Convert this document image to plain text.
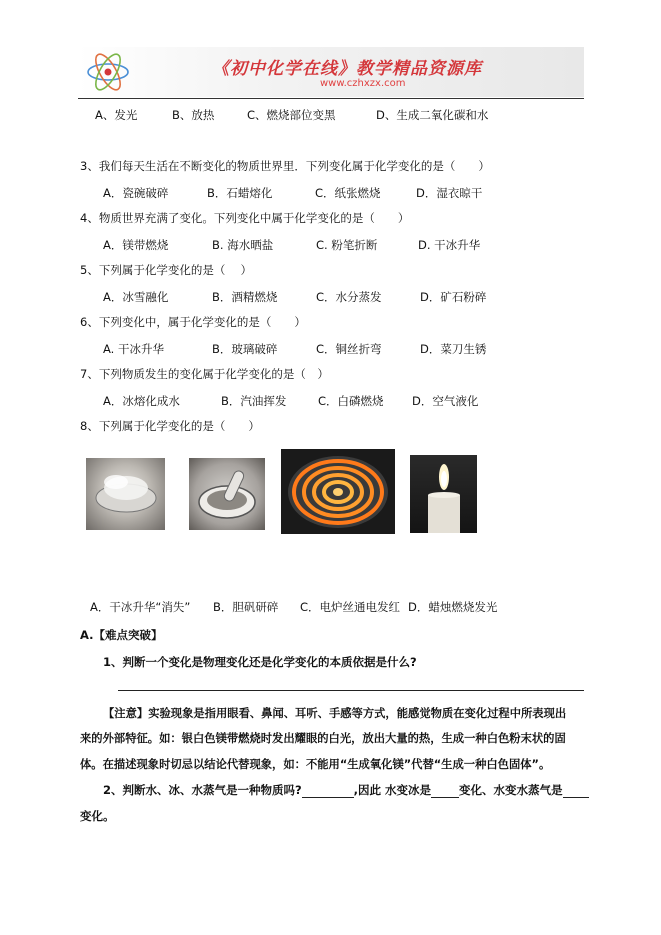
《初中化学在线》教学精品资源库
www.czhxzx.com
A、发光	B、放热	C、燃烧部位变黑	D、生成二氧化碳和水
3、我们每天生活在不断变化的物质世界里．下列变化属于化学变化的是（　　）
A．瓷碗破碎	B．石蜡熔化	C．纸张燃烧	D．湿衣晾干
4、物质世界充满了变化。下列变化中属于化学变化的是（　　）
A．镁带燃烧	B. 海水晒盐	C. 粉笔折断	D. 干冰升华
5、下列属于化学变化的是（　 ）
A．冰雪融化	B．酒精燃烧	C．水分蒸发	D．矿石粉碎
6、下列变化中，属于化学变化的是（　　）
A. 干冰升华	B．玻璃破碎	C．铜丝折弯	D．菜刀生锈
7、下列物质发生的变化属于化学变化的是（　）
A．冰熔化成水	B．汽油挥发	C．白磷燃烧 D．空气液化
8、下列属于化学变化的是（　　）
A．干冰升华“消失” B．胆矾研碎 C．电炉丝通电发红 D．蜡烛燃烧发光
A.【难点突破】
1、判断一个变化是物理变化还是化学变化的本质依据是什么?
【注意】实验现象是指用眼看、鼻闻、耳听、手感等方式，能感觉物质在变化过程中所表现出
来的外部特征。如：银白色镁带燃烧时发出耀眼的白光，放出大量的热，生成一种白色粉末状的固
体。在描述现象时切忌以结论代替现象，如：不能用“生成氧化镁”代替“生成一种白色固体”。
2、判断水、冰、水蒸气是一种物质吗?	,因此 水变冰是 变化、水变水蒸气是
变化。
